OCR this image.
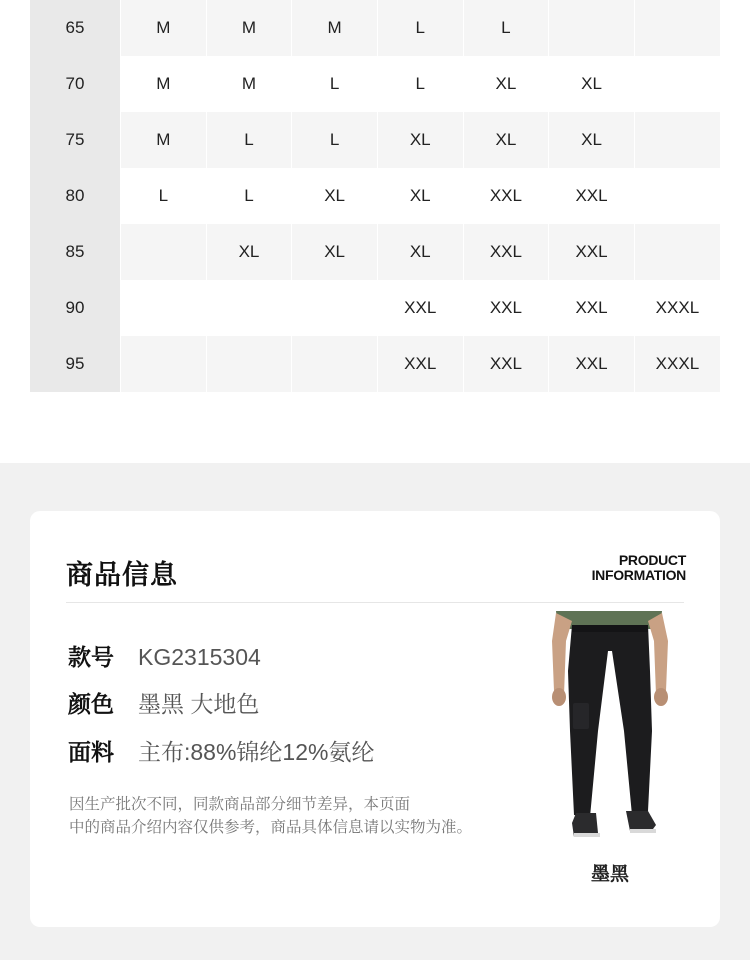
65	M	M	M	L	L		
70	M	M	L	L	XL	XL	
75	M	L	L	XL	XL	XL	
80	L	L	XL	XL	XXL	XXL	
85		XL	XL	XL	XXL	XXL	
90				XXL	XXL	XXL	XXXL
95				XXL	XXL	XXL	XXXL
商品信息	PRODUCT
INFORMATION
款号	KG2315304
颜色	墨黑 大地色
面料	主布:88%锦纶12%氨纶
因生产批次不同，同款商品部分细节差异，本页面
中的商品介绍内容仅供参考，商品具体信息请以实物为准。
墨黑
